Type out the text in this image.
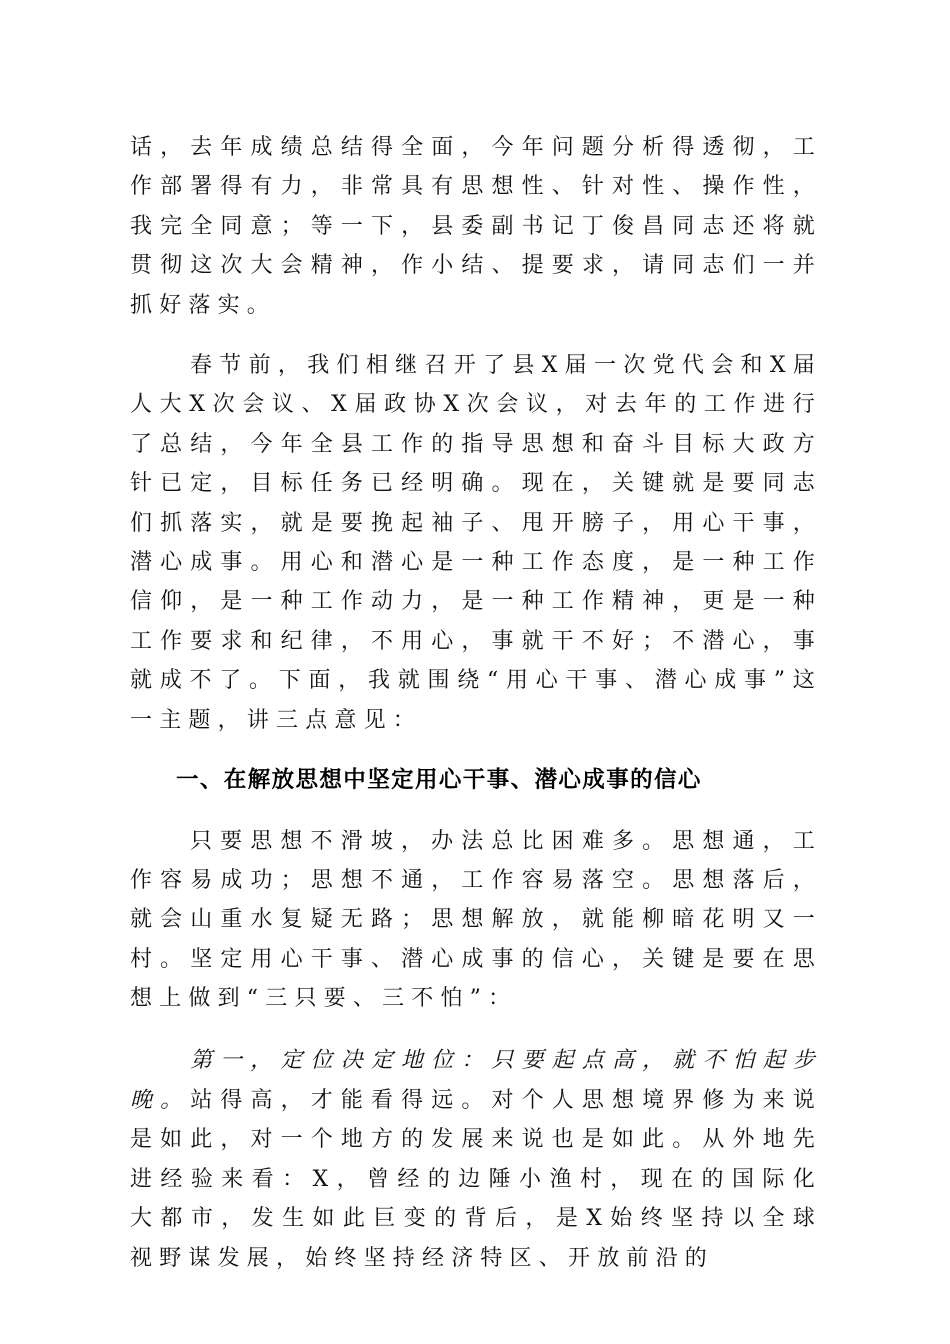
话，去年成绩总结得全面，今年问题分析得透彻，工作部署得有力，非常具有思想性、针对性、操作性，我完全同意；等一下，县委副书记丁俊昌同志还将就贯彻这次大会精神，作小结、提要求，请同志们一并抓好落实。

春节前，我们相继召开了县X届一次党代会和X届人大X次会议、X届政协X次会议，对去年的工作进行了总结，今年全县工作的指导思想和奋斗目标大政方针已定，目标任务已经明确。现在，关键就是要同志们抓落实，就是要挽起袖子、甩开膀子，用心干事，潜心成事。用心和潜心是一种工作态度，是一种工作信仰，是一种工作动力，是一种工作精神，更是一种工作要求和纪律，不用心，事就干不好；不潜心，事就成不了。下面，我就围绕“用心干事、潜心成事”这一主题，讲三点意见：

一、在解放思想中坚定用心干事、潜心成事的信心

只要思想不滑坡，办法总比困难多。思想通，工作容易成功；思想不通，工作容易落空。思想落后，就会山重水复疑无路；思想解放，就能柳暗花明又一村。坚定用心干事、潜心成事的信心，关键是要在思想上做到“三只要、三不怕”：

第一，定位决定地位：只要起点高，就不怕起步晚。站得高，才能看得远。对个人思想境界修为来说是如此，对一个地方的发展来说也是如此。从外地先进经验来看：X，曾经的边陲小渔村，现在的国际化大都市，发生如此巨变的背后，是X始终坚持以全球视野谋发展，始终坚持经济特区、开放前沿的
